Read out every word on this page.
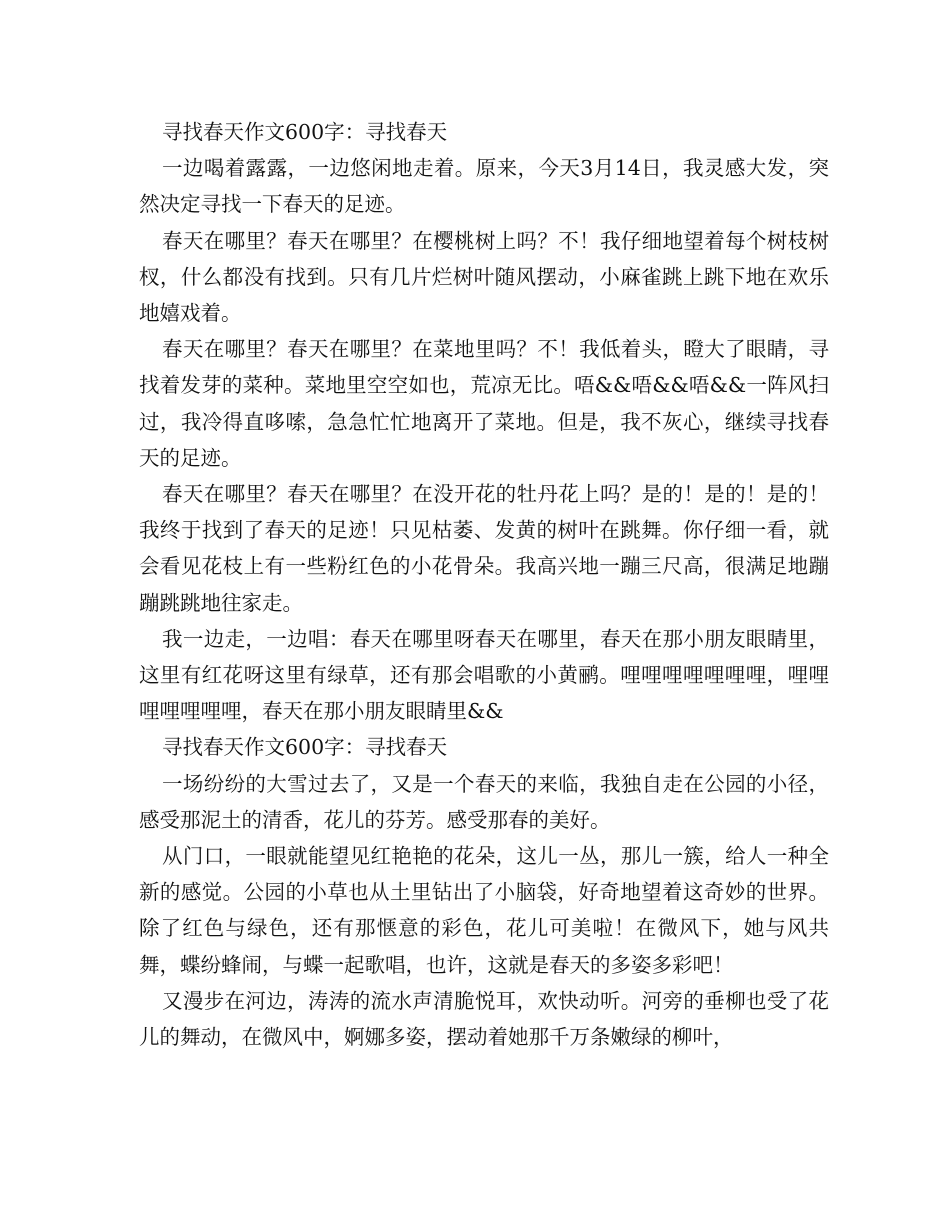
寻找春天作文600字：寻找春天

一边喝着露露，一边悠闲地走着。原来，今天3月14日，我灵感大发，突然决定寻找一下春天的足迹。

春天在哪里？春天在哪里？在樱桃树上吗？不！我仔细地望着每个树枝树杈，什么都没有找到。只有几片烂树叶随风摆动，小麻雀跳上跳下地在欢乐地嬉戏着。

春天在哪里？春天在哪里？在菜地里吗？不！我低着头，瞪大了眼睛，寻找着发芽的菜种。菜地里空空如也，荒凉无比。唔&&唔&&唔&&一阵风扫过，我冷得直哆嗦，急急忙忙地离开了菜地。但是，我不灰心，继续寻找春天的足迹。

春天在哪里？春天在哪里？在没开花的牡丹花上吗？是的！是的！是的！我终于找到了春天的足迹！只见枯萎、发黄的树叶在跳舞。你仔细一看，就会看见花枝上有一些粉红色的小花骨朵。我高兴地一蹦三尺高，很满足地蹦蹦跳跳地往家走。

我一边走，一边唱：春天在哪里呀春天在哪里，春天在那小朋友眼睛里，这里有红花呀这里有绿草，还有那会唱歌的小黄鹂。哩哩哩哩哩哩哩，哩哩哩哩哩哩哩，春天在那小朋友眼睛里&&

寻找春天作文600字：寻找春天

一场纷纷的大雪过去了，又是一个春天的来临，我独自走在公园的小径，感受那泥土的清香，花儿的芬芳。感受那春的美好。

从门口，一眼就能望见红艳艳的花朵，这儿一丛，那儿一簇，给人一种全新的感觉。公园的小草也从土里钻出了小脑袋，好奇地望着这奇妙的世界。除了红色与绿色，还有那惬意的彩色，花儿可美啦！在微风下，她与风共舞，蝶纷蜂闹，与蝶一起歌唱，也许，这就是春天的多姿多彩吧！

又漫步在河边，涛涛的流水声清脆悦耳，欢快动听。河旁的垂柳也受了花儿的舞动，在微风中，婀娜多姿，摆动着她那千万条嫩绿的柳叶，
